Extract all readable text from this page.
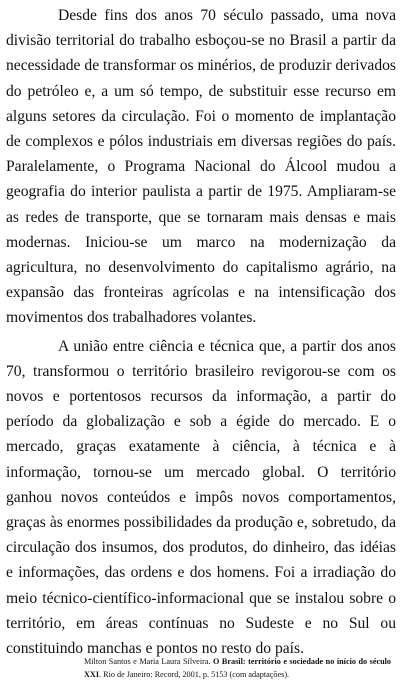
Desde fins dos anos 70 século passado, uma nova divisão territorial do trabalho esboçou-se no Brasil a partir da necessidade de transformar os minérios, de produzir derivados do petróleo e, a um só tempo, de substituir esse recurso em alguns setores da circulação. Foi o momento de implantação de complexos e pólos industriais em diversas regiões do país. Paralelamente, o Programa Nacional do Álcool mudou a geografia do interior paulista a partir de 1975. Ampliaram-se as redes de transporte, que se tornaram mais densas e mais modernas. Iniciou-se um marco na modernização da agricultura, no desenvolvimento do capitalismo agrário, na expansão das fronteiras agrícolas e na intensificação dos movimentos dos trabalhadores volantes.

A união entre ciência e técnica que, a partir dos anos 70, transformou o território brasileiro revigorou-se com os novos e portentosos recursos da informação, a partir do período da globalização e sob a égide do mercado. E o mercado, graças exatamente à ciência, à técnica e à informação, tornou-se um mercado global. O território ganhou novos conteúdos e impôs novos comportamentos, graças às enormes possibilidades da produção e, sobretudo, da circulação dos insumos, dos produtos, do dinheiro, das idéias e informações, das ordens e dos homens. Foi a irradiação do meio técnico-científico-informacional que se instalou sobre o território, em áreas contínuas no Sudeste e no Sul ou constituindo manchas e pontos no resto do país.

Milton Santos e Maria Laura Silveira. O Brasil: território e sociedade no início do século XXI. Rio de Janeiro: Record, 2001, p. 5153 (com adaptações).
